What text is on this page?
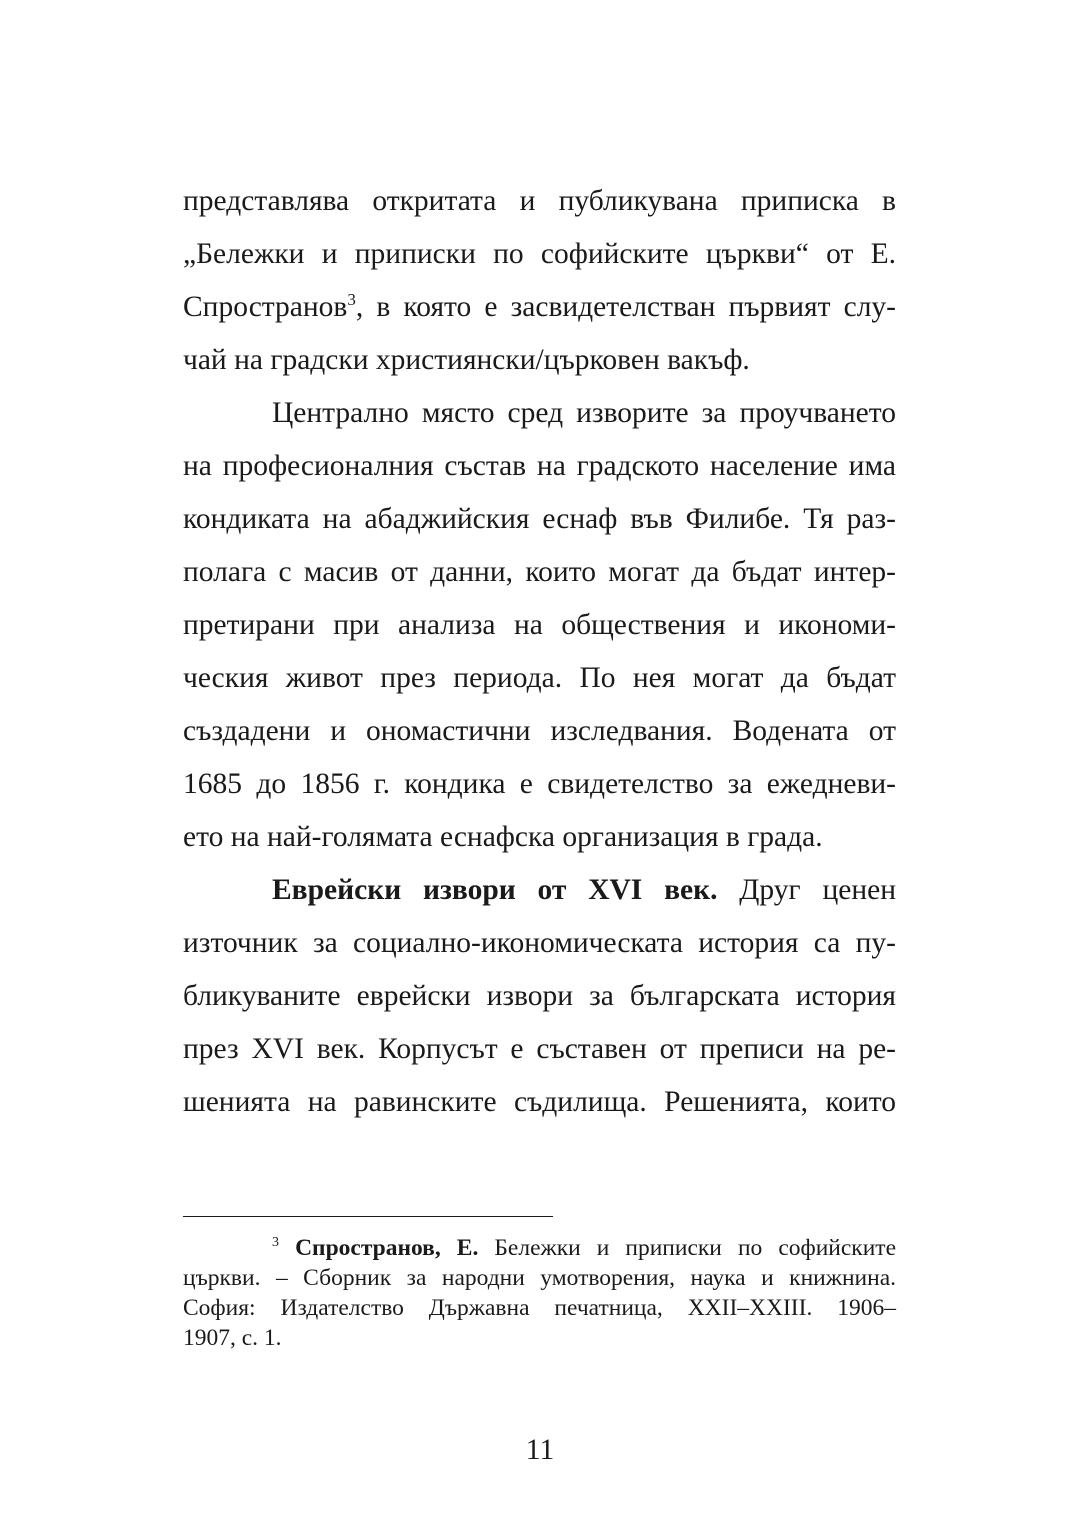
представлява откритата и публикувана приписка в
„Бележки и приписки по софийските църкви“ от Е.
Спространов$^3$, в която е засвидетелстван първият слу-
чай на градски християнски/църковен вакъф.
Централно място сред изворите за проучването
на професионалния състав на градското население има
кондиката на абаджийския еснаф във Филибе. Тя раз-
полага с масив от данни, които могат да бъдат интер-
претирани при анализа на обществения и икономи-
ческия живот през периода. По нея могат да бъдат
създадени и ономастични изследвания. Водената от
1685 до 1856 г. кондика е свидетелство за ежедневи-
ето на най-голямата еснафска организация в града.
Еврейски извори от XVI век. Друг ценен
източник за социално-икономическата история са пу-
бликуваните еврейски извори за българската история
през XVI век. Корпусът е съставен от преписи на ре-
шенията на равинските съдилища. Решенията, които
$^3$ Спространов, Е. Бележки и приписки по софийските
църкви. – Сборник за народни умотворения, наука и книжнина.
София: Издателство Държавна печатница, XXII–XXIII. 1906–
1907, с. 1.
11
